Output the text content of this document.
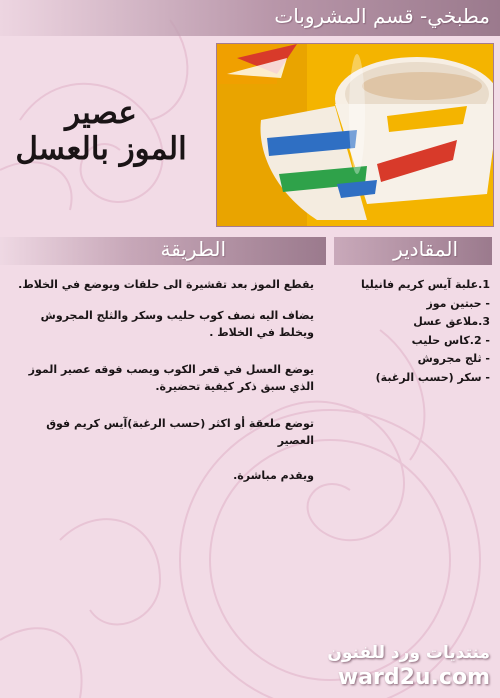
مطبخي- قسم المشروبات
عصير
الموز بالعسل
الطريقة	المقادير

يقطع الموز بعد تقشيرة الى حلقات ويوضع في الخلاط.

يضاف اليه نصف كوب حليب وسكر والثلج المجروش ويخلط في الخلاط .

يوضع العسل في قعر الكوب ويصب فوقه عصير الموز الذي سبق ذكر كيفية تحضيرة.

توضع ملعقة أو اكثر (حسب الرغبة)آيس كريم فوق العصير

ويقدم مباشرة.

1.علبة آيس كريم فانيليا
- حبتين موز
3.ملاعق عسل
- 2.كاس حليب
- ثلج مجروش
- سكر (حسب الرغبة)
منتديات ورد للفنون
ward2u.com
